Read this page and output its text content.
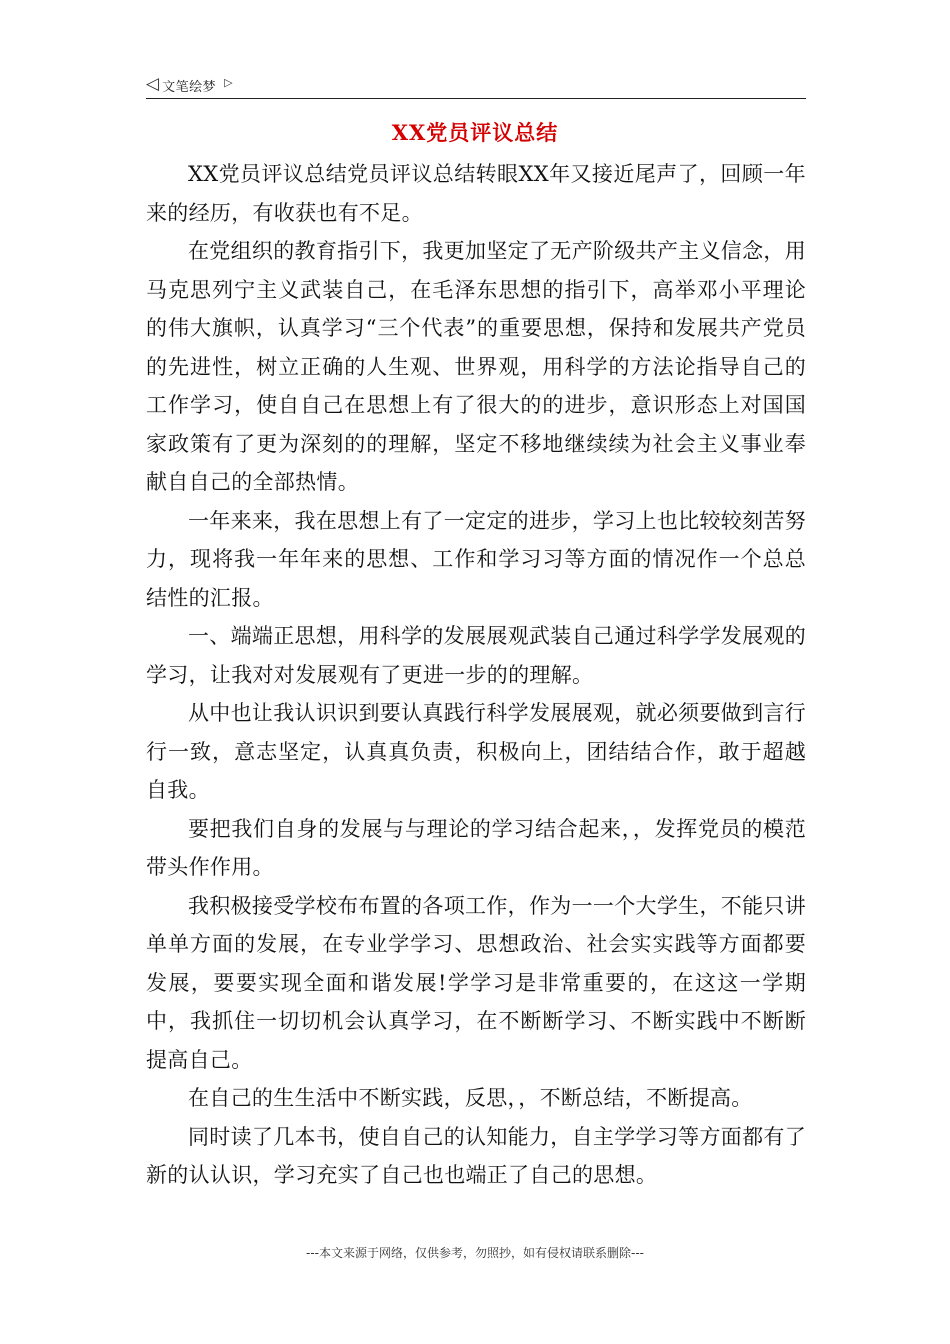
◁ 文笔绘梦 ▷
XX党员评议总结

XX党员评议总结党员评议总结转眼XX年又接近尾声了，回顾一年来的经历，有收获也有不足。

在党组织的教育指引下，我更加坚定了无产阶级共产主义信念，用马克思列宁主义武装自己，在毛泽东思想的指引下，高举邓小平理论的伟大旗帜，认真学习“三个代表”的重要思想，保持和发展共产党员的先进性，树立正确的人生观、世界观，用科学的方法论指导自己的工作学习，使自自己在思想上有了很大的的进步，意识形态上对国国家政策有了更为深刻的的理解，坚定不移地继续续为社会主义事业奉献自自己的全部热情。

一年来来，我在思想上有了一定定的进步，学习上也比较较刻苦努力，现将我一年年来的思想、工作和学习习等方面的情况作一个总总结性的汇报。

一、端端正思想，用科学的发展展观武装自己通过科学学发展观的学习，让我对对发展观有了更进一步的的理解。

从中也让我认识识到要认真践行科学发展展观，就必须要做到言行行一致，意志坚定，认真真负责，积极向上，团结结合作，敢于超越自我。

要把我们自身的发展与与理论的学习结合起来，，发挥党员的模范带头作作用。

我积极接受学校布布置的各项工作，作为一一个大学生，不能只讲单单方面的发展，在专业学学习、思想政治、社会实实践等方面都要发展，要要实现全面和谐发展!学学习是非常重要的，在这这一学期中，我抓住一切切机会认真学习，在不断断学习、不断实践中不断断提高自己。

在自己的生生活中不断实践，反思，，不断总结，不断提高。

同时读了几本书，使自自己的认知能力，自主学学习等方面都有了新的认认识，学习充实了自己也也端正了自己的思想。

---本文来源于网络，仅供参考，勿照抄，如有侵权请联系删除---
